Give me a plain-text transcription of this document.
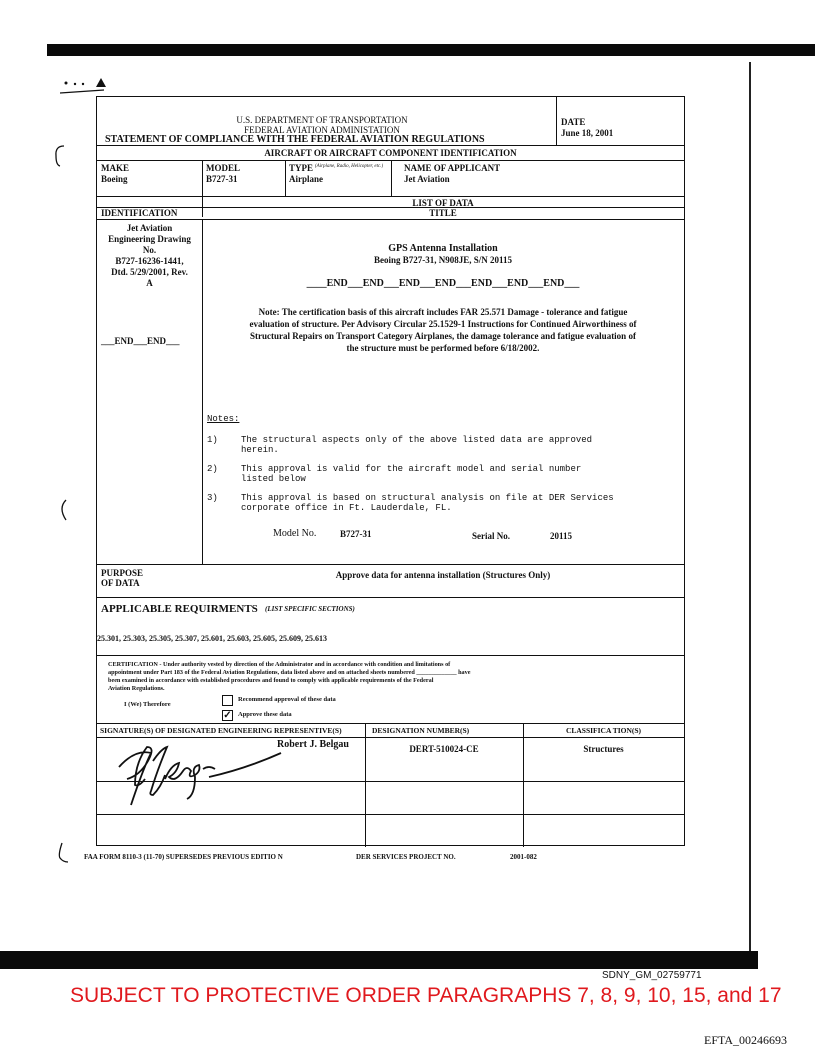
U.S. DEPARTMENT OF TRANSPORTATION
FEDERAL AVIATION ADMINISTATION
STATEMENT OF COMPLIANCE WITH THE FEDERAL AVIATION REGULATIONS
DATE
June 18, 2001
AIRCRAFT OR AIRCRAFT COMPONENT IDENTIFICATION
MAKE
Boeing
MODEL
B727-31
TYPE (Airplane, Radio, Helicopter, etc.)
Airplane
NAME OF APPLICANT
Jet Aviation
LIST OF DATA
IDENTIFICATION	TITLE
Jet Aviation
Engineering Drawing
No.
B727-16236-1441,
Dtd. 5/29/2001, Rev.
A
___END___END___
GPS Antenna Installation
Beoing B727-31, N908JE, S/N 20115
____END___END___END___END___END___END___END___
Note: The certification basis of this aircraft includes FAR 25.571 Damage - tolerance and fatigue
evaluation of structure. Per Advisory Circular 25.1529-1 Instructions for Continued Airworthiness of
Structural Repairs on Transport Category Airplanes, the damage tolerance and fatigue evaluation of
the structure must be performed before 6/18/2002.
Notes:
1)	The structural aspects only of the above listed data are approved
herein.
2)	This approval is valid for the aircraft model and serial number
listed below
3)	This approval is based on structural analysis on file at DER Services
corporate office in Ft. Lauderdale, FL.
Model No.	B727-31	Serial No.	20115
PURPOSE
OF DATA
Approve data for antenna installation (Structures Only)
APPLICABLE REQUIRMENTS (LIST SPECIFIC SECTIONS)
25.301, 25.303, 25.305, 25.307, 25.601, 25.603, 25.605, 25.609, 25.613
CERTIFICATION - Under authority vested by direction of the Administrator and in accordance with condition and limitations of
appointment under Part 183 of the Federal Aviation Regulations, data listed above and on attached sheets numbered _____________ have
been examined in accordance with established procedures and found to comply with applicable requirements of the Federal
Aviation Regulations.
I (We) Therefore
Recommend approval of these data
✓ Approve these data
SIGNATURE(S) OF DESIGNATED ENGINEERING REPRESENTIVE(S)	DESIGNATION NUMBER(S)	CLASSIFICA TION(S)
Robert J. Belgau	DERT-510024-CE	Structures
FAA FORM 8110-3 (11-70) SUPERSEDES PREVIOUS EDITIO N	DER SERVICES PROJECT NO.	2001-082
SDNY_GM_02759771
SUBJECT TO PROTECTIVE ORDER PARAGRAPHS 7, 8, 9, 10, 15, and 17
EFTA_00246693
